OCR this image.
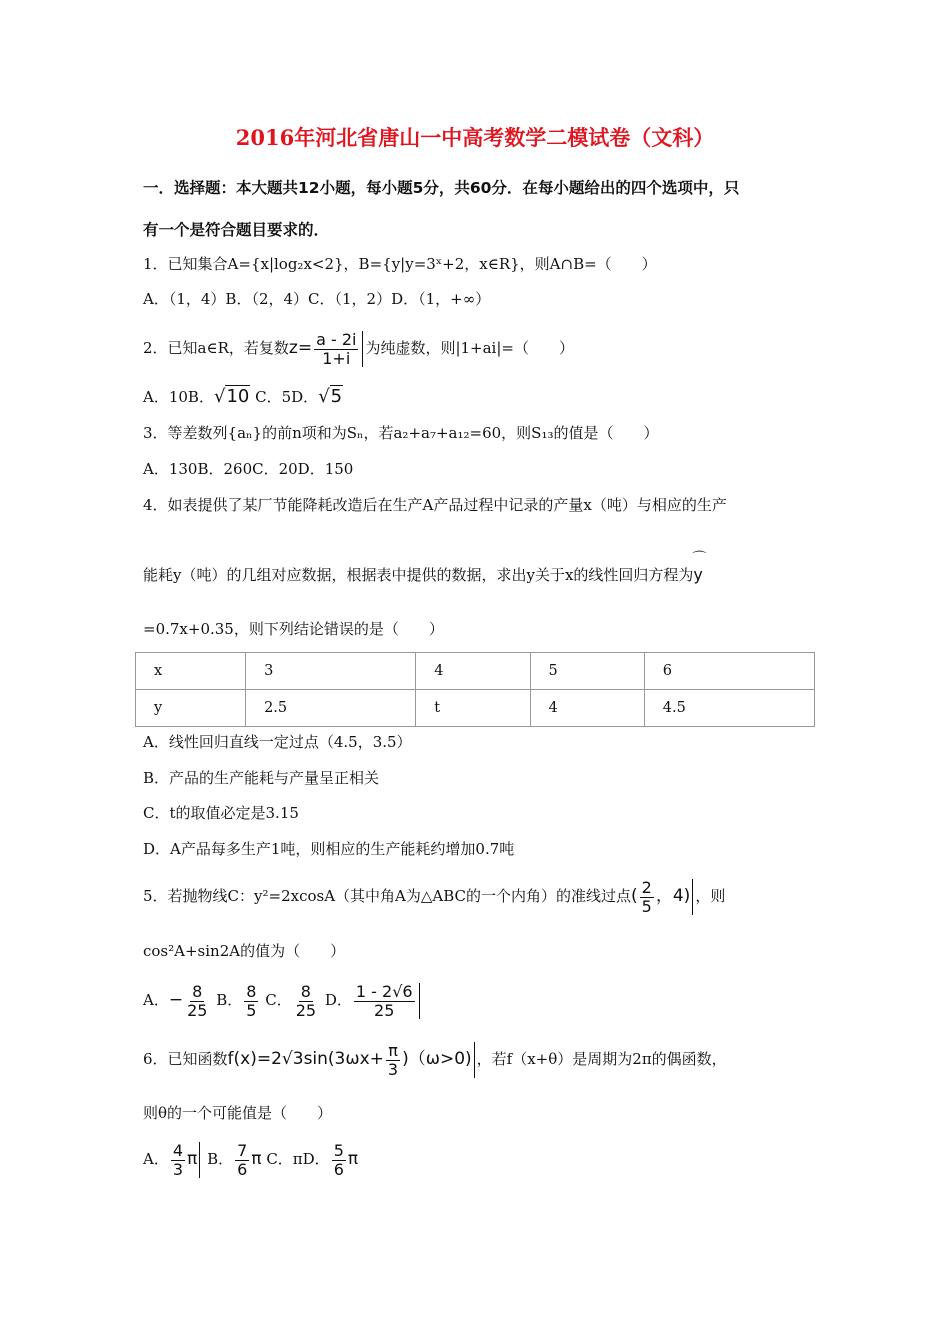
2016年河北省唐山一中高考数学二模试卷（文科）
一．选择题：本大题共12小题，每小题5分，共60分．在每小题给出的四个选项中，只
有一个是符合题目要求的．
1．已知集合A={x|log₂x<2}，B={y|y=3ˣ+2，x∈R}，则A∩B=（　　）
A．（1，4）B．（2，4）C．（1，2）D．（1，+∞）
2．已知a∈R，若复数$z= \frac{a - 2i}{1+i}$ 为纯虚数，则|1+ai|=（　　）
A．10B．√10 C．5D．√5
3．等差数列{aₙ}的前n项和为Sₙ，若a₂+a₇+a₁₂=60，则S₁₃的值是（　　）
A．130B．260C．20D．150
4．如表提供了某厂节能降耗改造后在生产A产品过程中记录的产量x（吨）与相应的生产
能耗y（吨）的几组对应数据，根据表中提供的数据，求出y关于x的线性回归方程为⌒ y
=0.7x+0.35，则下列结论错误的是（　　）
x	3	4	5	6
y	2.5	t	4	4.5
A．线性回归直线一定过点（4.5，3.5）
B．产品的生产能耗与产量呈正相关
C．t的取值必定是3.15
D．A产品每多生产1吨，则相应的生产能耗约增加0.7吨
5．若抛物线C：y²=2xcosA（其中角A为△ABC的一个内角）的准线过点( $\frac{2}{5}$ ，4) ，则
cos²A+sin2A的值为（　　）
A．− $\frac{8}{25}$ B． $\frac{8}{5}$ C． $\frac{8}{25}$ D． $\frac{1 - 2√6}{25}$
6．已知函数$f(x)=2√3\sin(3\omega x+ \frac{\pi}{3} )(\omega>0)$ ，若f（x+θ）是周期为2π的偶函数，
则θ的一个可能值是（　　）
A． $\frac{4}{3}$ π B． $\frac{7}{6}$ π C．πD． $\frac{5}{6}$ π
